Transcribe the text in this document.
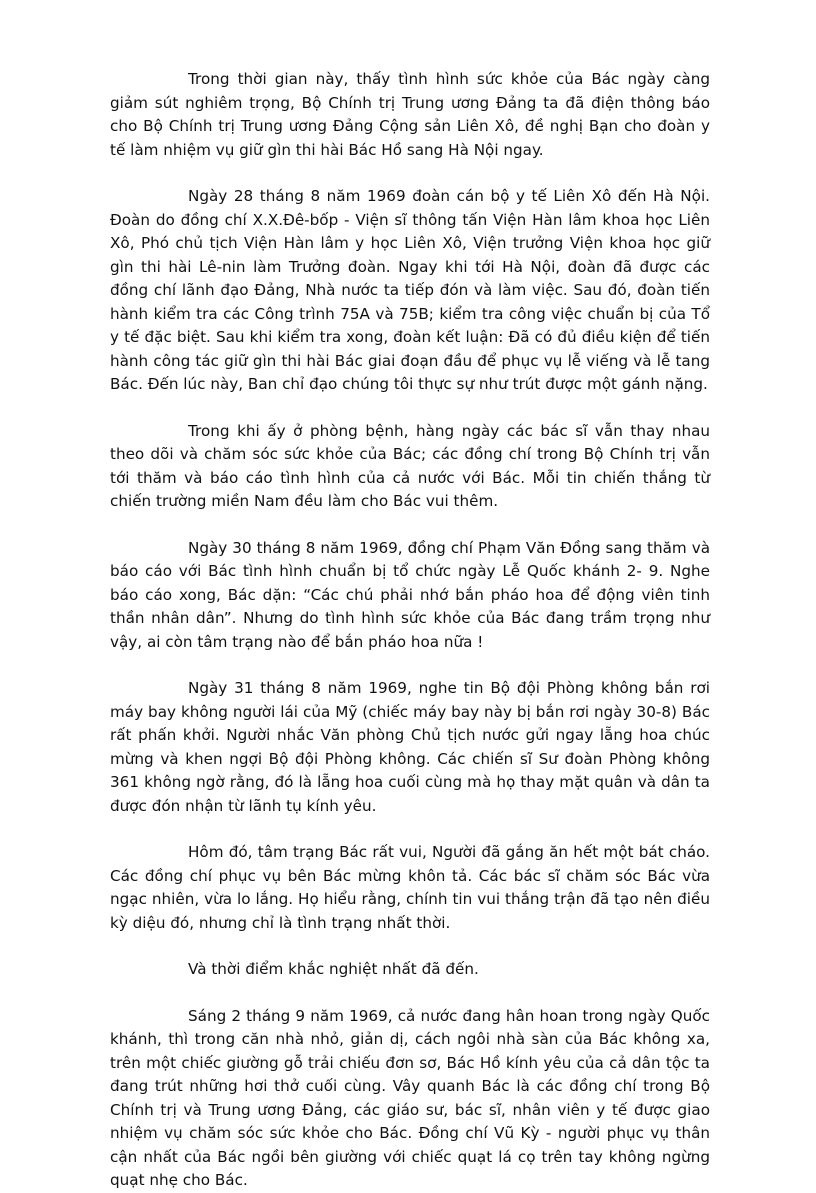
Trong thời gian này, thấy tình hình sức khỏe của Bác ngày càng giảm sút nghiêm trọng, Bộ Chính trị Trung ương Đảng ta đã điện thông báo cho Bộ Chính trị Trung ương Đảng Cộng sản Liên Xô, đề nghị Bạn cho đoàn y tế làm nhiệm vụ giữ gìn thi hài Bác Hồ sang Hà Nội ngay.

Ngày 28 tháng 8 năm 1969 đoàn cán bộ y tế Liên Xô đến Hà Nội. Đoàn do đồng chí X.X.Đê-bốp - Viện sĩ thông tấn Viện Hàn lâm khoa học Liên Xô, Phó chủ tịch Viện Hàn lâm y học Liên Xô, Viện trưởng Viện khoa học giữ gìn thi hài Lê-nin làm Trưởng đoàn. Ngay khi tới Hà Nội, đoàn đã được các đồng chí lãnh đạo Đảng, Nhà nước ta tiếp đón và làm việc. Sau đó, đoàn tiến hành kiểm tra các Công trình 75A và 75B; kiểm tra công việc chuẩn bị của Tổ y tế đặc biệt. Sau khi kiểm tra xong, đoàn kết luận: Đã có đủ điều kiện để tiến hành công tác giữ gìn thi hài Bác giai đoạn đầu để phục vụ lễ viếng và lễ tang Bác. Đến lúc này, Ban chỉ đạo chúng tôi thực sự như trút được một gánh nặng.

Trong khi ấy ở phòng bệnh, hàng ngày các bác sĩ vẫn thay nhau theo dõi và chăm sóc sức khỏe của Bác; các đồng chí trong Bộ Chính trị vẫn tới thăm và báo cáo tình hình của cả nước với Bác. Mỗi tin chiến thắng từ chiến trường miền Nam đều làm cho Bác vui thêm.

Ngày 30 tháng 8 năm 1969, đồng chí Phạm Văn Đồng sang thăm và báo cáo với Bác tình hình chuẩn bị tổ chức ngày Lễ Quốc khánh 2- 9. Nghe báo cáo xong, Bác dặn: “Các chú phải nhớ bắn pháo hoa để động viên tinh thần nhân dân”. Nhưng do tình hình sức khỏe của Bác đang trầm trọng như vậy, ai còn tâm trạng nào để bắn pháo hoa nữa !

Ngày 31 tháng 8 năm 1969, nghe tin Bộ đội Phòng không bắn rơi máy bay không người lái của Mỹ (chiếc máy bay này bị bắn rơi ngày 30-8) Bác rất phấn khởi. Người nhắc Văn phòng Chủ tịch nước gửi ngay lẵng hoa chúc mừng và khen ngợi Bộ đội Phòng không. Các chiến sĩ Sư đoàn Phòng không 361 không ngờ rằng, đó là lẵng hoa cuối cùng mà họ thay mặt quân và dân ta được đón nhận từ lãnh tụ kính yêu.

Hôm đó, tâm trạng Bác rất vui, Người đã gắng ăn hết một bát cháo. Các đồng chí phục vụ bên Bác mừng khôn tả. Các bác sĩ chăm sóc Bác vừa ngạc nhiên, vừa lo lắng. Họ hiểu rằng, chính tin vui thắng trận đã tạo nên điều kỳ diệu đó, nhưng chỉ là tình trạng nhất thời.

Và thời điểm khắc nghiệt nhất đã đến.

Sáng 2 tháng 9 năm 1969, cả nước đang hân hoan trong ngày Quốc khánh, thì trong căn nhà nhỏ, giản dị, cách ngôi nhà sàn của Bác không xa, trên một chiếc giường gỗ trải chiếu đơn sơ, Bác Hồ kính yêu của cả dân tộc ta đang trút những hơi thở cuối cùng. Vây quanh Bác là các đồng chí trong Bộ Chính trị và Trung ương Đảng, các giáo sư, bác sĩ, nhân viên y tế được giao nhiệm vụ chăm sóc sức khỏe cho Bác. Đồng chí Vũ Kỳ - người phục vụ thân cận nhất của Bác ngồi bên giường với chiếc quạt lá cọ trên tay không ngừng quạt nhẹ cho Bác.
